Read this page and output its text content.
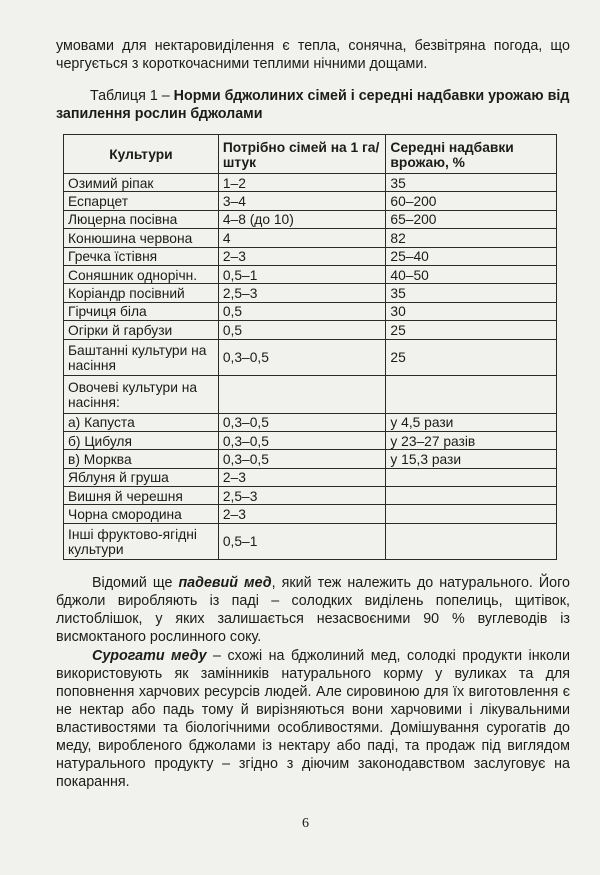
умовами для нектаровиділення є тепла, сонячна, безвітряна погода, що чергується з короткочасними теплими нічними дощами.
Таблиця 1 – Норми бджолиних сімей і середні надбавки урожаю від запилення рослин бджолами
Культури	Потрібно сімей на 1 га/штук	Середні надбавки врожаю, %
Озимий ріпак	1–2	35
Еспарцет	3–4	60–200
Люцерна посівна	4–8 (до 10)	65–200
Конюшина червона	4	82
Гречка їстівня	2–3	25–40
Соняшник однорічн.	0,5–1	40–50
Коріандр посівний	2,5–3	35
Гірчиця біла	0,5	30
Огірки й гарбузи	0,5	25
Баштанні культури на насіння	0,3–0,5	25
Овочеві культури на насіння:		
а) Капуста	0,3–0,5	у 4,5 рази
б) Цибуля	0,3–0,5	у 23–27 разів
в) Морква	0,3–0,5	у 15,3 рази
Яблуня й груша	2–3	
Вишня й черешня	2,5–3	
Чорна смородина	2–3	
Інші фруктово-ягідні культури	0,5–1	
Відомий ще падевий мед, який теж належить до натурального. Його бджоли виробляють із паді – солодких виділень попелиць, щитівок, листоблішок, у яких залишається незасвоєними 90 % вуглеводів із висмоктаного рослинного соку.
Сурогати меду – схожі на бджолиний мед, солодкі продукти інколи використовують як замінників натурального корму у вуликах та для поповнення харчових ресурсів людей. Але сировиною для їх виготовлення є не нектар або падь тому й вирізняються вони харчовими і лікувальними властивостями та біологічними особливостями. Домішування сурогатів до меду, виробленого бджолами із нектару або паді, та продаж під виглядом натурального продукту – згідно з діючим законодавством заслуговує на покарання.
6
